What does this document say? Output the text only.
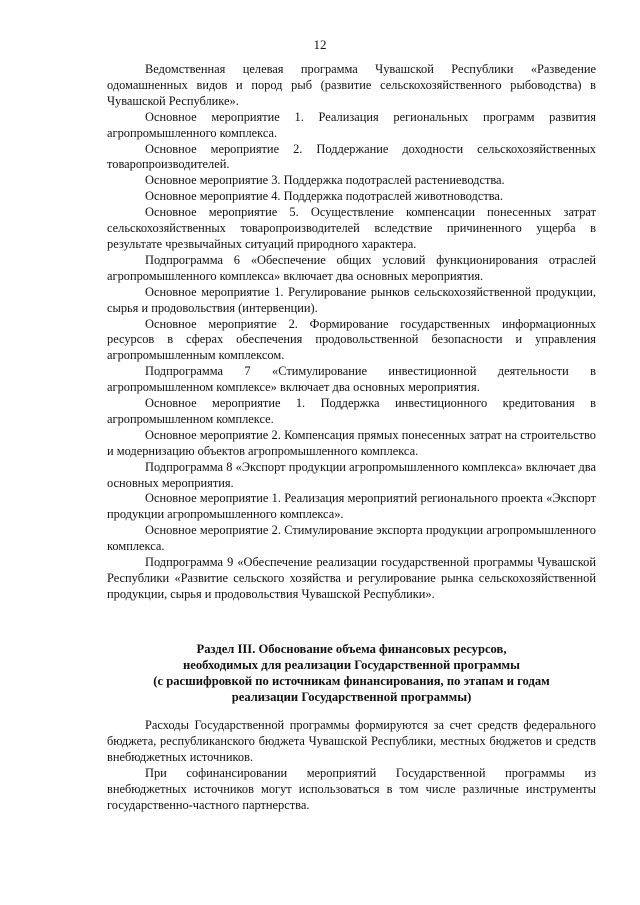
12

Ведомственная целевая программа Чувашской Республики «Разведение одомашненных видов и пород рыб (развитие сельскохозяйственного рыбоводства) в Чувашской Республике».

Основное мероприятие 1. Реализация региональных программ развития агропромышленного комплекса.

Основное мероприятие 2. Поддержание доходности сельскохозяйственных товаропроизводителей.

Основное мероприятие 3. Поддержка подотраслей растениеводства.

Основное мероприятие 4. Поддержка подотраслей животноводства.

Основное мероприятие 5. Осуществление компенсации понесенных затрат сельскохозяйственных товаропроизводителей вследствие причиненного ущерба в результате чрезвычайных ситуаций природного характера.

Подпрограмма 6 «Обеспечение общих условий функционирования отраслей агропромышленного комплекса» включает два основных мероприятия.

Основное мероприятие 1. Регулирование рынков сельскохозяйственной продукции, сырья и продовольствия (интервенции).

Основное мероприятие 2. Формирование государственных информационных ресурсов в сферах обеспечения продовольственной безопасности и управления агропромышленным комплексом.

Подпрограмма 7 «Стимулирование инвестиционной деятельности в агропромышленном комплексе» включает два основных мероприятия.

Основное мероприятие 1. Поддержка инвестиционного кредитования в агропромышленном комплексе.

Основное мероприятие 2. Компенсация прямых понесенных затрат на строительство и модернизацию объектов агропромышленного комплекса.

Подпрограмма 8 «Экспорт продукции агропромышленного комплекса» включает два основных мероприятия.

Основное мероприятие 1. Реализация мероприятий регионального проекта «Экспорт продукции агропромышленного комплекса».

Основное мероприятие 2. Стимулирование экспорта продукции агропромышленного комплекса.

Подпрограмма 9 «Обеспечение реализации государственной программы Чувашской Республики «Развитие сельского хозяйства и регулирование рынка сельскохозяйственной продукции, сырья и продовольствия Чувашской Республики».

Раздел III. Обоснование объема финансовых ресурсов,
необходимых для реализации Государственной программы
(с расшифровкой по источникам финансирования, по этапам и годам
реализации Государственной программы)

Расходы Государственной программы формируются за счет средств федерального бюджета, республиканского бюджета Чувашской Республики, местных бюджетов и средств внебюджетных источников.

При софинансировании мероприятий Государственной программы из внебюджетных источников могут использоваться в том числе различные инструменты государственно-частного партнерства.
